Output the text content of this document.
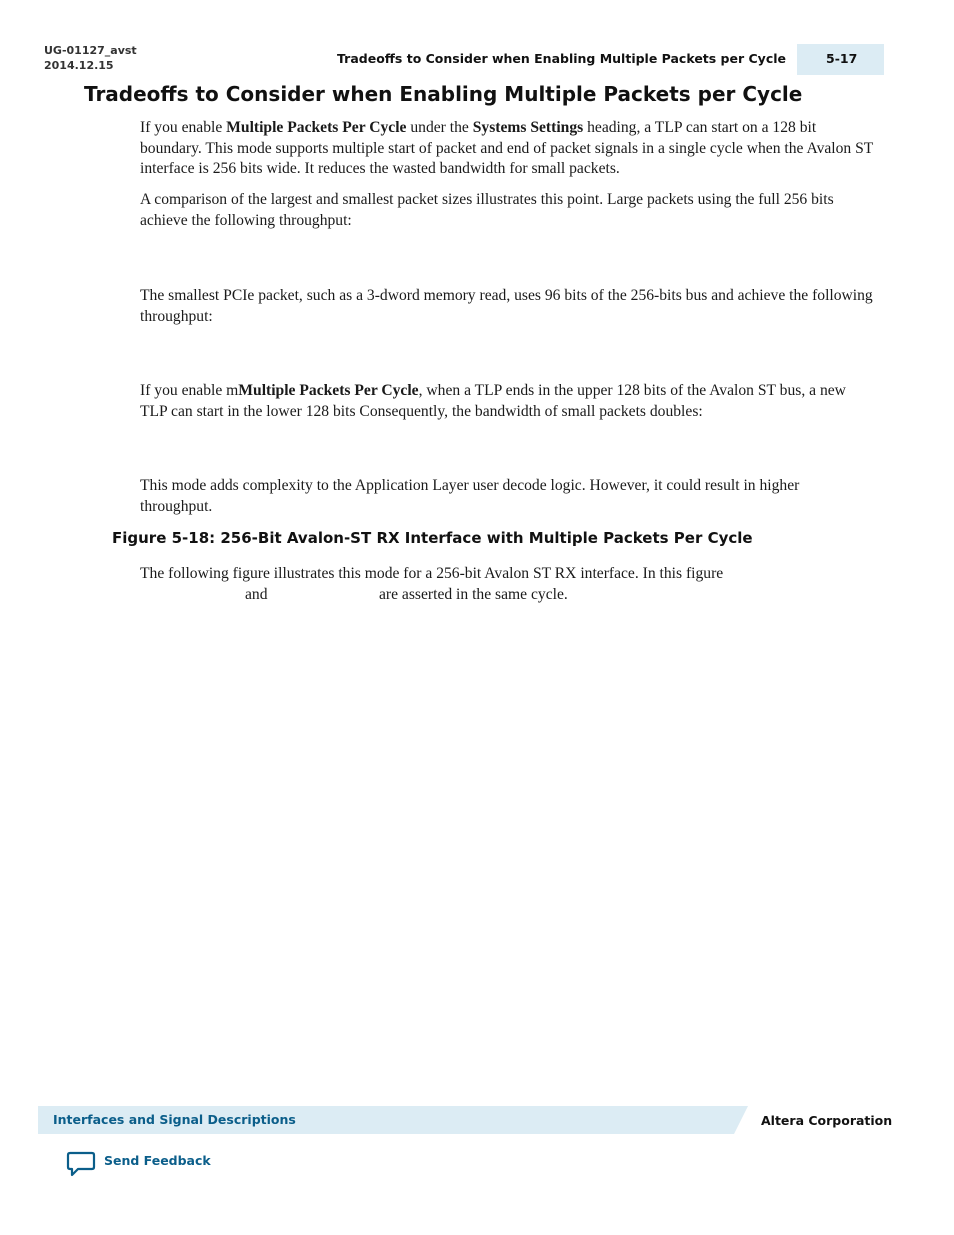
UG-01127_avst
2014.12.15	Tradeoffs to Consider when Enabling Multiple Packets per Cycle	5-17
Tradeoffs to Consider when Enabling Multiple Packets per Cycle

If you enable Multiple Packets Per Cycle under the Systems Settings heading, a TLP can start on a 128 bit boundary. This mode supports multiple start of packet and end of packet signals in a single cycle when the Avalon ST interface is 256 bits wide. It reduces the wasted bandwidth for small packets.

A comparison of the largest and smallest packet sizes illustrates this point. Large packets using the full 256 bits achieve the following throughput:

The smallest PCIe packet, such as a 3-dword memory read, uses 96 bits of the 256-bits bus and achieve the following throughput:

If you enable mMultiple Packets Per Cycle, when a TLP ends in the upper 128 bits of the Avalon ST bus, a new TLP can start in the lower 128 bits Consequently, the bandwidth of small packets doubles:

This mode adds complexity to the Application Layer user decode logic. However, it could result in higher throughput.

Figure 5-18: 256-Bit Avalon-ST RX Interface with Multiple Packets Per Cycle
The following figure illustrates this mode for a 256-bit Avalon ST RX interface. In this figure
and	are asserted in the same cycle.
Interfaces and Signal Descriptions	Altera Corporation
Send Feedback
